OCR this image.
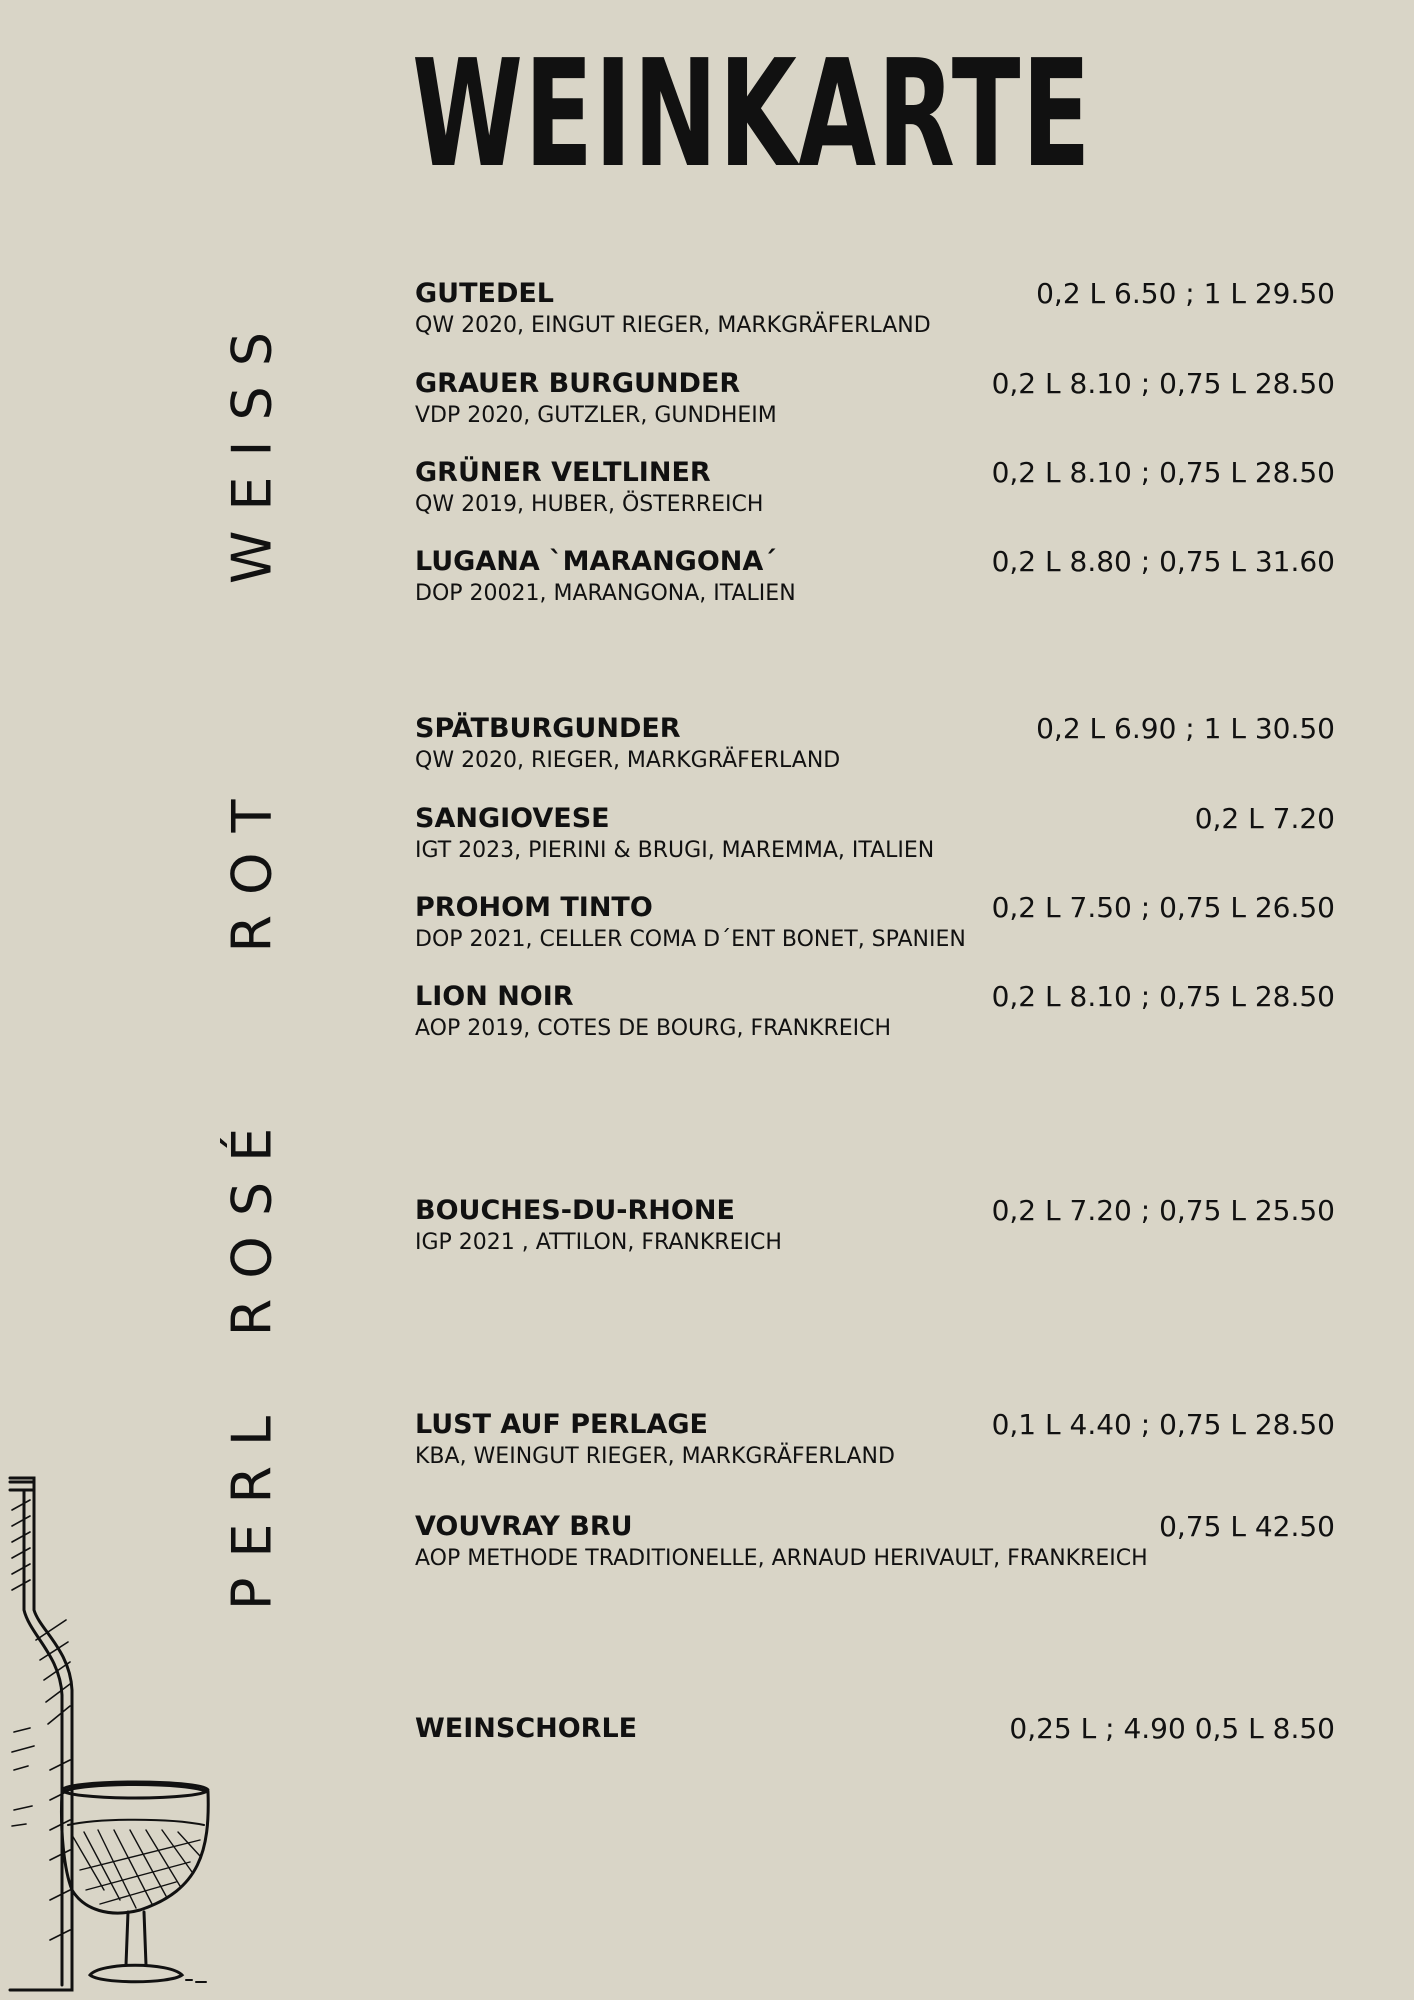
WEINKARTE
WEISS
ROT
ROSÉ
PERL
GUTEDEL
QW 2020, EINGUT RIEGER, MARKGRÄFERLAND
0,2 L 6.50 ; 1 L 29.50
GRAUER BURGUNDER
VDP 2020, GUTZLER, GUNDHEIM
0,2 L 8.10 ; 0,75 L 28.50
GRÜNER VELTLINER
QW 2019, HUBER, ÖSTERREICH
0,2 L 8.10 ; 0,75 L 28.50
LUGANA `MARANGONA´
DOP 20021, MARANGONA, ITALIEN
0,2 L 8.80 ; 0,75 L 31.60
SPÄTBURGUNDER
QW 2020, RIEGER, MARKGRÄFERLAND
0,2 L 6.90 ; 1 L 30.50
SANGIOVESE
IGT 2023, PIERINI & BRUGI, MAREMMA, ITALIEN
0,2 L 7.20
PROHOM TINTO
DOP 2021, CELLER COMA D´ENT BONET, SPANIEN
0,2 L 7.50 ; 0,75 L 26.50
LION NOIR
AOP 2019, COTES DE BOURG, FRANKREICH
0,2 L 8.10 ; 0,75 L 28.50
BOUCHES-DU-RHONE
IGP 2021 , ATTILON, FRANKREICH
0,2 L 7.20 ; 0,75 L 25.50
LUST AUF PERLAGE
KBA, WEINGUT RIEGER, MARKGRÄFERLAND
0,1 L 4.40 ; 0,75 L 28.50
VOUVRAY BRU
AOP METHODE TRADITIONELLE, ARNAUD HERIVAULT, FRANKREICH
0,75 L 42.50
WEINSCHORLE	0,25 L ; 4.90 0,5 L 8.50
